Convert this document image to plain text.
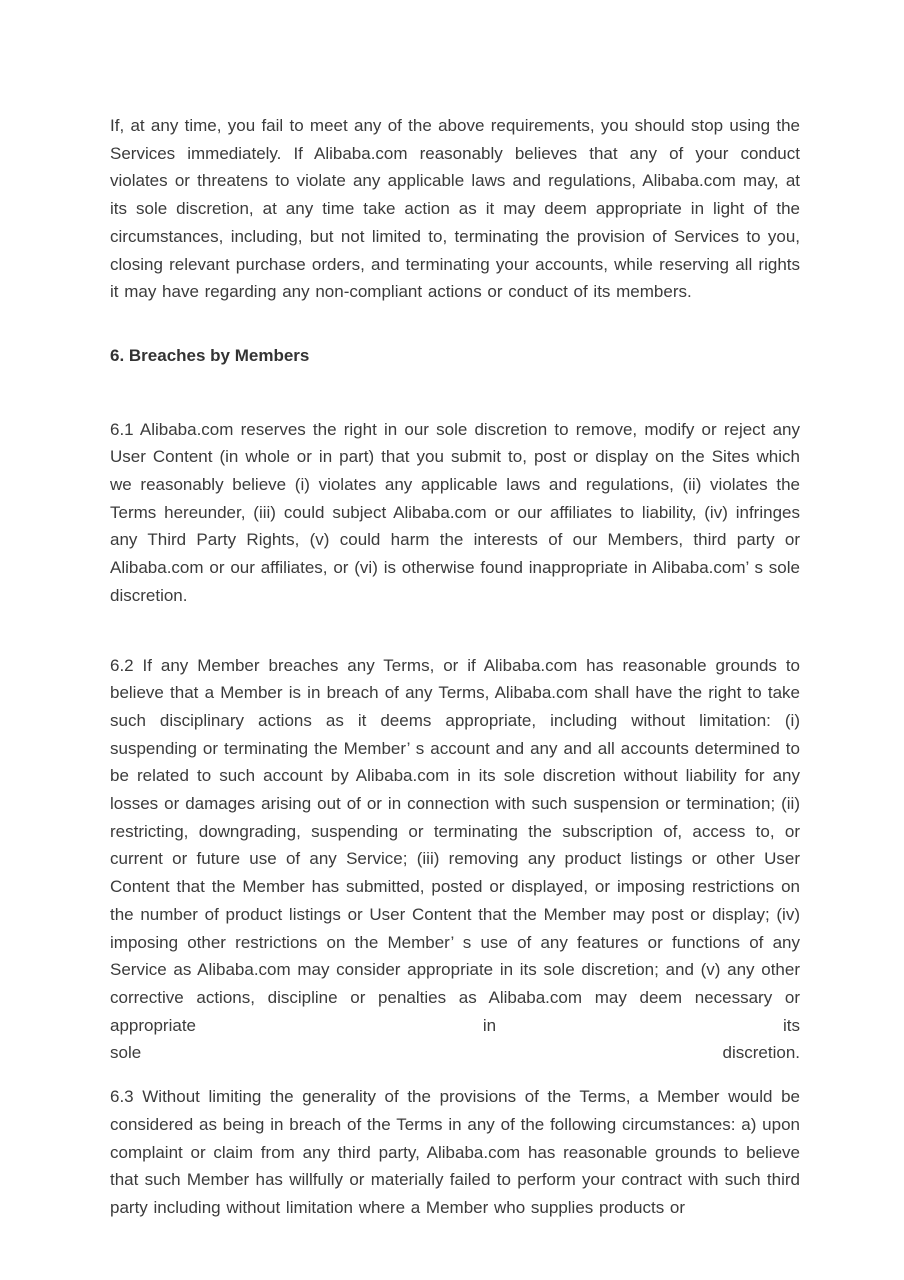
If, at any time, you fail to meet any of the above requirements, you should stop using the Services immediately. If Alibaba.com reasonably believes that any of your conduct violates or threatens to violate any applicable laws and regulations, Alibaba.com may, at its sole discretion, at any time take action as it may deem appropriate in light of the circumstances, including, but not limited to, terminating the provision of Services to you, closing relevant purchase orders, and terminating your accounts, while reserving all rights it may have regarding any non-compliant actions or conduct of its members.

6. Breaches by Members

6.1 Alibaba.com reserves the right in our sole discretion to remove, modify or reject any User Content (in whole or in part) that you submit to, post or display on the Sites which we reasonably believe (i) violates any applicable laws and regulations, (ii) violates the Terms hereunder, (iii) could subject Alibaba.com or our affiliates to liability, (iv) infringes any Third Party Rights, (v) could harm the interests of our Members, third party or Alibaba.com or our affiliates, or (vi) is otherwise found inappropriate in Alibaba.com’ s sole discretion.

6.2 If any Member breaches any Terms, or if Alibaba.com has reasonable grounds to believe that a Member is in breach of any Terms, Alibaba.com shall have the right to take such disciplinary actions as it deems appropriate, including without limitation: (i) suspending or terminating the Member’ s account and any and all accounts determined to be related to such account by Alibaba.com in its sole discretion without liability for any losses or damages arising out of or in connection with such suspension or termination; (ii) restricting, downgrading, suspending or terminating the subscription of, access to, or current or future use of any Service; (iii) removing any product listings or other User Content that the Member has submitted, posted or displayed, or imposing restrictions on the number of product listings or User Content that the Member may post or display; (iv) imposing other restrictions on the Member’ s use of any features or functions of any Service as Alibaba.com may consider appropriate in its sole discretion; and (v) any other corrective actions, discipline or penalties as Alibaba.com may deem necessary or appropriate in its

sole	discretion.

6.3 Without limiting the generality of the provisions of the Terms, a Member would be considered as being in breach of the Terms in any of the following circumstances: a) upon complaint or claim from any third party, Alibaba.com has reasonable grounds to believe that such Member has willfully or materially failed to perform your contract with such third party including without limitation where a Member who supplies products or
